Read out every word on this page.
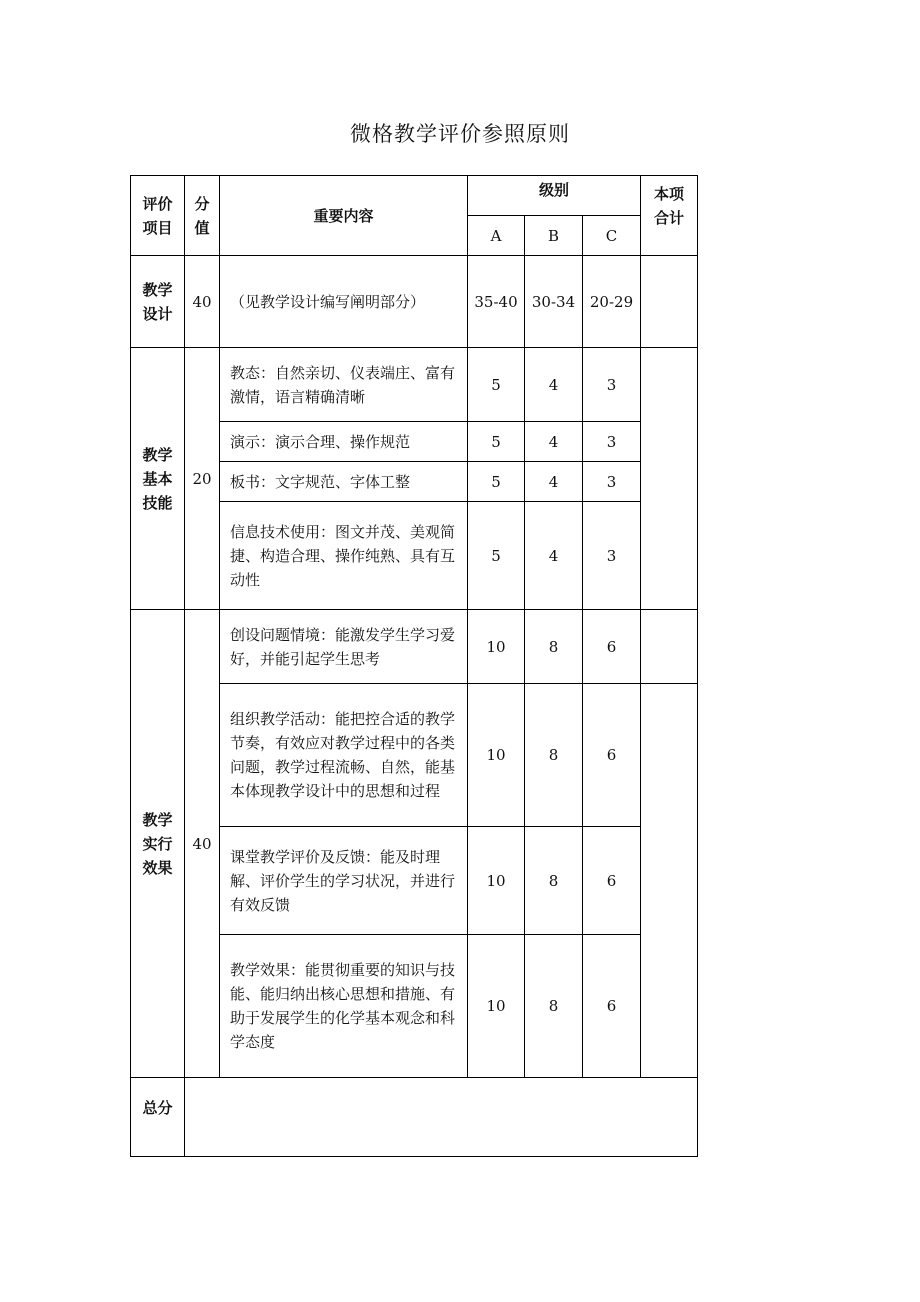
微格教学评价参照原则
评价项目	分值	重要内容	级别			本项合计

			A	B	C	

教学设计	40	（见教学设计编写阐明部分）	35-40	30-34	20-29	

教学基本技能	20	教态：自然亲切、仪表端庄、富有激情，语言精确清晰	5	4	3	
		演示：演示合理、操作规范	5	4	3	
		板书：文字规范、字体工整	5	4	3	
		信息技术使用：图文并茂、美观简捷、构造合理、操作纯熟、具有互动性	5	4	3	

教学实行效果	40	创设问题情境：能激发学生学习爱好，并能引起学生思考	10	8	6	
		组织教学活动：能把控合适的教学节奏，有效应对教学过程中的各类问题，教学过程流畅、自然，能基本体现教学设计中的思想和过程	10	8	6	
		课堂教学评价及反馈：能及时理解、评价学生的学习状况，并进行有效反馈	10	8	6	
		教学效果：能贯彻重要的知识与技能、能归纳出核心思想和措施、有助于发展学生的化学基本观念和科学态度	10	8	6	
总分						
